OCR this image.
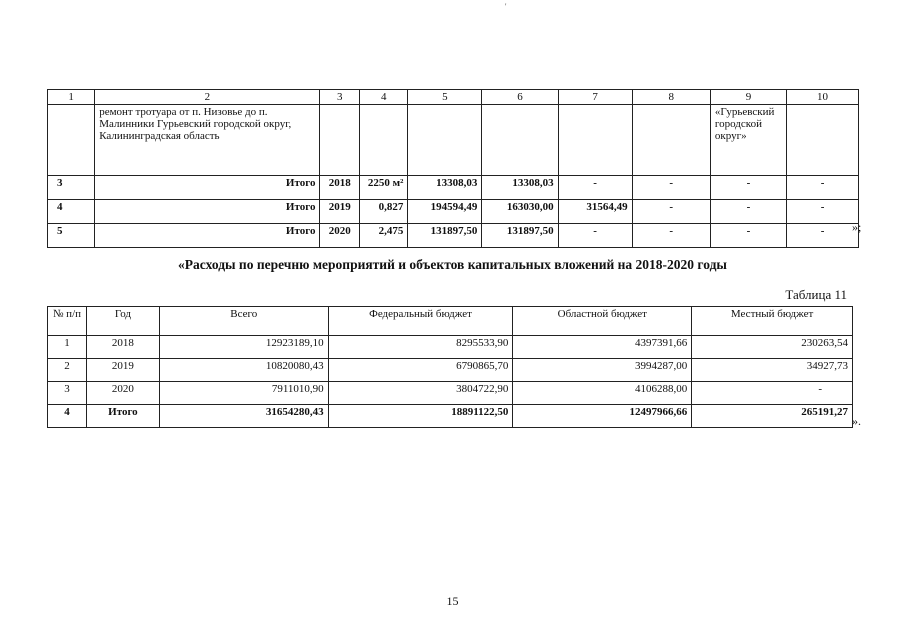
'
1	2	3	4	5	6	7	8	9	10
	ремонт тротуара от п. Низовье до п. Малинники Гурьевский городской округ, Калининградская область							«Гурьевский городской округ»	
3	Итого	2018	2250 м²	13308,03	13308,03	-	-	-	-
4	Итого	2019	0,827	194594,49	163030,00	31564,49	-	-	-
5	Итого	2020	2,475	131897,50	131897,50	-	-	-	- »;
«Расходы по перечню мероприятий и объектов капитальных вложений на 2018-2020 годы
Таблица 11
№ п/п	Год	Всего	Федеральный бюджет	Областной бюджет	Местный бюджет
1	2018	12923189,10	8295533,90	4397391,66	230263,54
2	2019	10820080,43	6790865,70	3994287,00	34927,73
3	2020	7911010,90	3804722,90	4106288,00	-
4	Итого	31654280,43	18891122,50	12497966,66	265191,27
».
15
